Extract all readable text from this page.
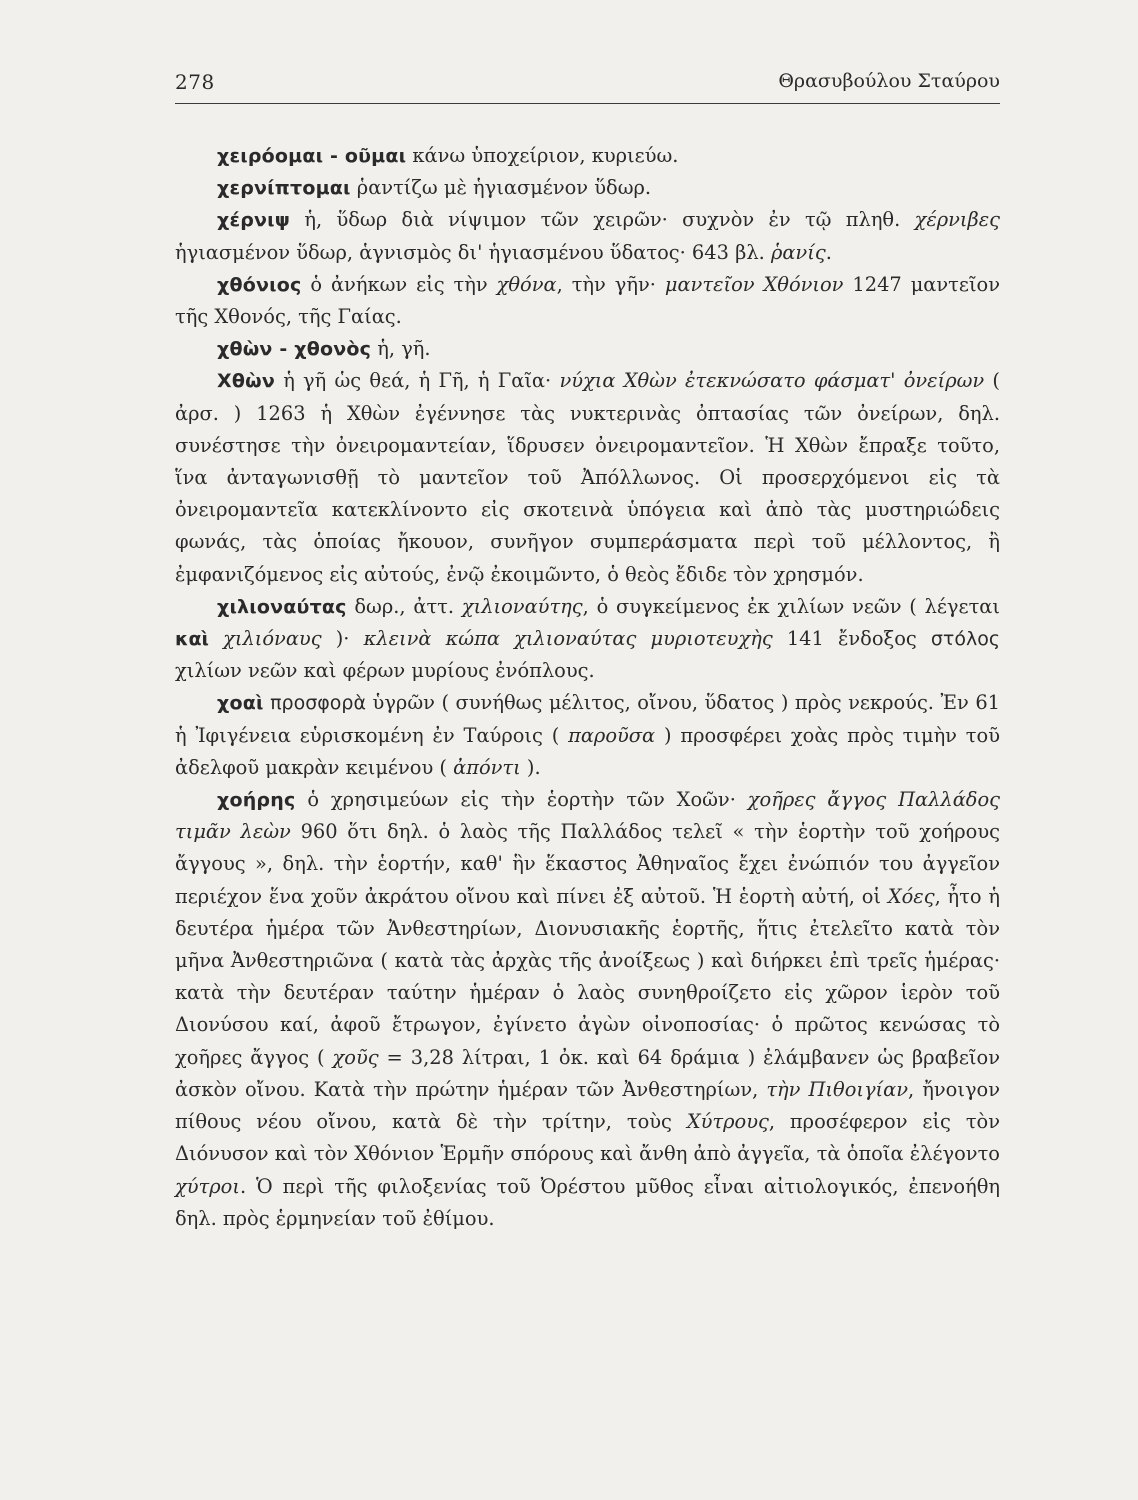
278	Θρασυβούλου Σταύρου

χειρόομαι - οῦμαι κάνω ὑποχείριον, κυριεύω.

χερνίπτομαι ῥαντίζω μὲ ἡγιασμένον ὕδωρ.

χέρνιψ ἡ, ὕδωρ διὰ νίψιμον τῶν χειρῶν· συχνὸν ἐν τῷ πληθ. χέρνιβες ἡγιασμένον ὕδωρ, ἁγνισμὸς δι' ἡγιασμένου ὕδατος· 643 βλ. ῥανίς.

χθόνιος ὁ ἀνήκων εἰς τὴν χθόνα, τὴν γῆν· μαντεῖον Χθόνιον 1247 μαντεῖον τῆς Χθονός, τῆς Γαίας.

χθὼν - χθονὸς ἡ, γῆ.

Χθὼν ἡ γῆ ὡς θεά, ἡ Γῆ, ἡ Γαῖα· νύχια Χθὼν ἐτεκνώσατο φάσματ' ὀνείρων ( ἀρσ. ) 1263 ἡ Χθὼν ἐγέννησε τὰς νυκτερινὰς ὀπτασίας τῶν ὀνείρων, δηλ. συνέστησε τὴν ὀνειρομαντείαν, ἵδρυσεν ὀνειρομαντεῖον. Ἡ Χθὼν ἔπραξε τοῦτο, ἵνα ἀνταγωνισθῇ τὸ μαντεῖον τοῦ Ἀπόλλωνος. Οἱ προσερχόμενοι εἰς τὰ ὀνειρομαντεῖα κατεκλίνοντο εἰς σκοτεινὰ ὑπόγεια καὶ ἀπὸ τὰς μυστηριώδεις φωνάς, τὰς ὁποίας ἤκουον, συνῆγον συμπεράσματα περὶ τοῦ μέλλοντος, ἢ ἐμφανιζόμενος εἰς αὐτούς, ἐνῷ ἐκοιμῶντο, ὁ θεὸς ἔδιδε τὸν χρησμόν.

χιλιοναύτας δωρ., ἀττ. χιλιοναύτης, ὁ συγκείμενος ἐκ χιλίων νεῶν ( λέγεται καὶ χιλιόναυς )· κλεινὰ κώπα χιλιοναύτας μυριοτευχὴς 141 ἔνδοξος στόλος χιλίων νεῶν καὶ φέρων μυρίους ἐνόπλους.

χοαὶ προσφορὰ ὑγρῶν ( συνήθως μέλιτος, οἴνου, ὕδατος ) πρὸς νεκρούς. Ἐν 61 ἡ Ἰφιγένεια εὑρισκομένη ἐν Ταύροις ( παροῦσα ) προσφέρει χοὰς πρὸς τιμὴν τοῦ ἀδελφοῦ μακρὰν κειμένου ( ἀπόντι ).

χοήρης ὁ χρησιμεύων εἰς τὴν ἑορτὴν τῶν Χοῶν· χοῆρες ἄγγος Παλλάδος τιμᾶν λεὼν 960 ὅτι δηλ. ὁ λαὸς τῆς Παλλάδος τελεῖ « τὴν ἑορτὴν τοῦ χοήρους ἄγγους », δηλ. τὴν ἑορτήν, καθ' ἣν ἕκαστος Ἀθηναῖος ἔχει ἐνώπιόν του ἀγγεῖον περιέχον ἕνα χοῦν ἀκράτου οἴνου καὶ πίνει ἐξ αὐτοῦ. Ἡ ἑορτὴ αὐτή, οἱ Χόες, ἦτο ἡ δευτέρα ἡμέρα τῶν Ἀνθεστηρίων, Διονυσιακῆς ἑορτῆς, ἥτις ἐτελεῖτο κατὰ τὸν μῆνα Ἀνθεστηριῶνα ( κατὰ τὰς ἀρχὰς τῆς ἀνοίξεως ) καὶ διήρκει ἐπὶ τρεῖς ἡμέρας· κατὰ τὴν δευτέραν ταύτην ἡμέραν ὁ λαὸς συνηθροίζετο εἰς χῶρον ἱερὸν τοῦ Διονύσου καί, ἀφοῦ ἔτρωγον, ἐγίνετο ἀγὼν οἰνοποσίας· ὁ πρῶτος κενώσας τὸ χοῆρες ἄγγος ( χοῦς = 3,28 λίτραι, 1 ὀκ. καὶ 64 δράμια ) ἐλάμβανεν ὡς βραβεῖον ἀσκὸν οἴνου. Κατὰ τὴν πρώτην ἡμέραν τῶν Ἀνθεστηρίων, τὴν Πιθοιγίαν, ἤνοιγον πίθους νέου οἴνου, κατὰ δὲ τὴν τρίτην, τοὺς Χύτρους, προσέφερον εἰς τὸν Διόνυσον καὶ τὸν Χθόνιον Ἑρμῆν σπόρους καὶ ἄνθη ἀπὸ ἀγγεῖα, τὰ ὁποῖα ἐλέγοντο χύτροι. Ὁ περὶ τῆς φιλοξενίας τοῦ Ὀρέστου μῦθος εἶναι αἰτιολογικός, ἐπενοήθη δηλ. πρὸς ἑρμηνείαν τοῦ ἐθίμου.
